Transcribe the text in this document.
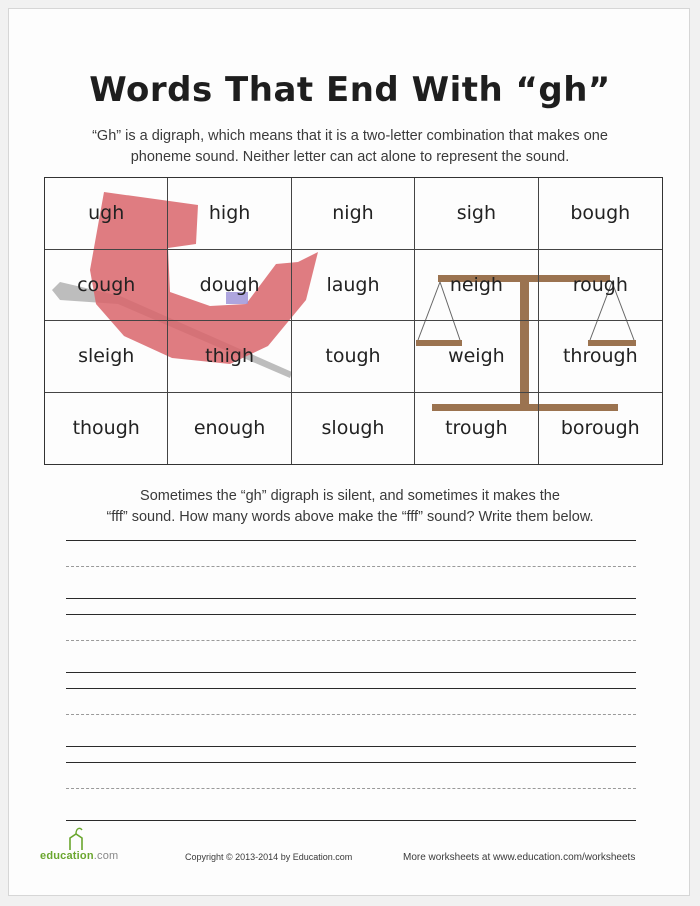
Words That End With “gh”
“Gh” is a digraph, which means that it is a two-letter combination that makes one
phoneme sound. Neither letter can act alone to represent the sound.
ugh	high	nigh	sigh	bough
cough	dough	laugh	neigh	rough
sleigh	thigh	tough	weigh	through
though	enough	slough	trough	borough
Sometimes the “gh” digraph is silent, and sometimes it makes the
“fff” sound. How many words above make the “fff” sound? Write them below.
education.com	Copyright © 2013-2014 by Education.com	More worksheets at www.education.com/worksheets
